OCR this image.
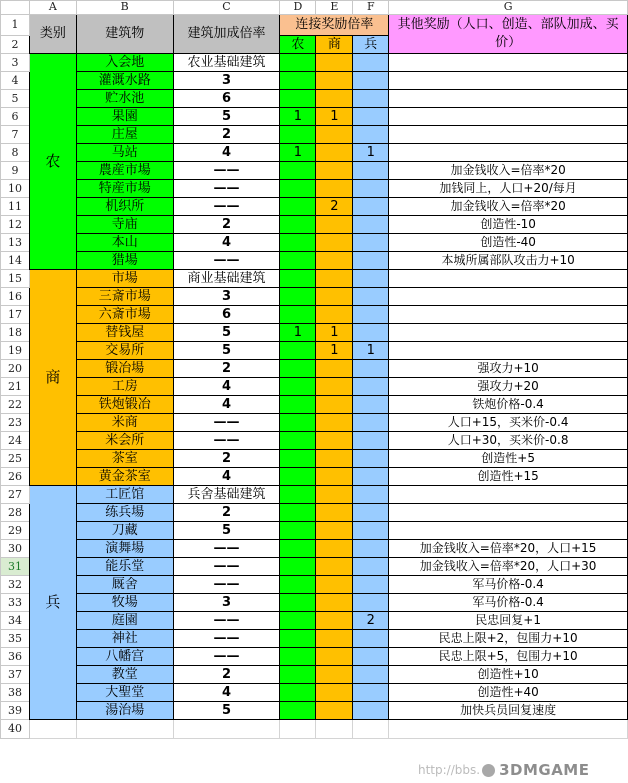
	A	B	C	D	E	F	G
1	类别	建筑物	建筑加成倍率	连接奖励倍率			其他奖励（人口、创造、部队加成、买价）
2				农	商	兵	
3	农	入会地	农业基础建筑				
4		灌溉水路	3				
5		贮水池	6				
6		果園	5	1	1		
7		庄屋	2				
8		马站	4	1		1	
9		農産市場	——				加金钱收入=倍率*20
10		特産市場	——				加钱同上，人口+20/每月
11		机织所	——		2		加金钱收入=倍率*20
12		寺庙	2				创造性-10
13		本山	4				创造性-40
14		猎場	——				本城所属部队攻击力+10
15	商	市場	商业基础建筑				
16		三斎市場	3				
17		六斎市場	6				
18		替钱屋	5	1	1		
19		交易所	5		1	1	
20		锻冶場	2				强攻力+10
21		工房	4				强攻力+20
22		铁炮锻冶	4				铁炮价格-0.4
23		米商	——				人口+15，买米价-0.4
24		米会所	——				人口+30，买米价-0.8
25		茶室	2				创造性+5
26		黄金茶室	4				创造性+15
27	兵	工匠馆	兵舍基础建筑				
28		练兵場	2				
29		刀藏	5				
30		演舞場	——				加金钱收入=倍率*20，人口+15
31		能乐堂	——				加金钱收入=倍率*20，人口+30
32		厩舍	——				军马价格-0.4
33		牧場	3				军马价格-0.4
34		庭園	——			2	民忠回复+1
35		神社	——				民忠上限+2，包围力+10
36		八幡宫	——				民忠上限+5，包围力+10
37		教堂	2				创造性+10
38		大聖堂	4				创造性+40
39		湯治場	5				加快兵员回复速度
40							
http://bbs. 3DMGAME
